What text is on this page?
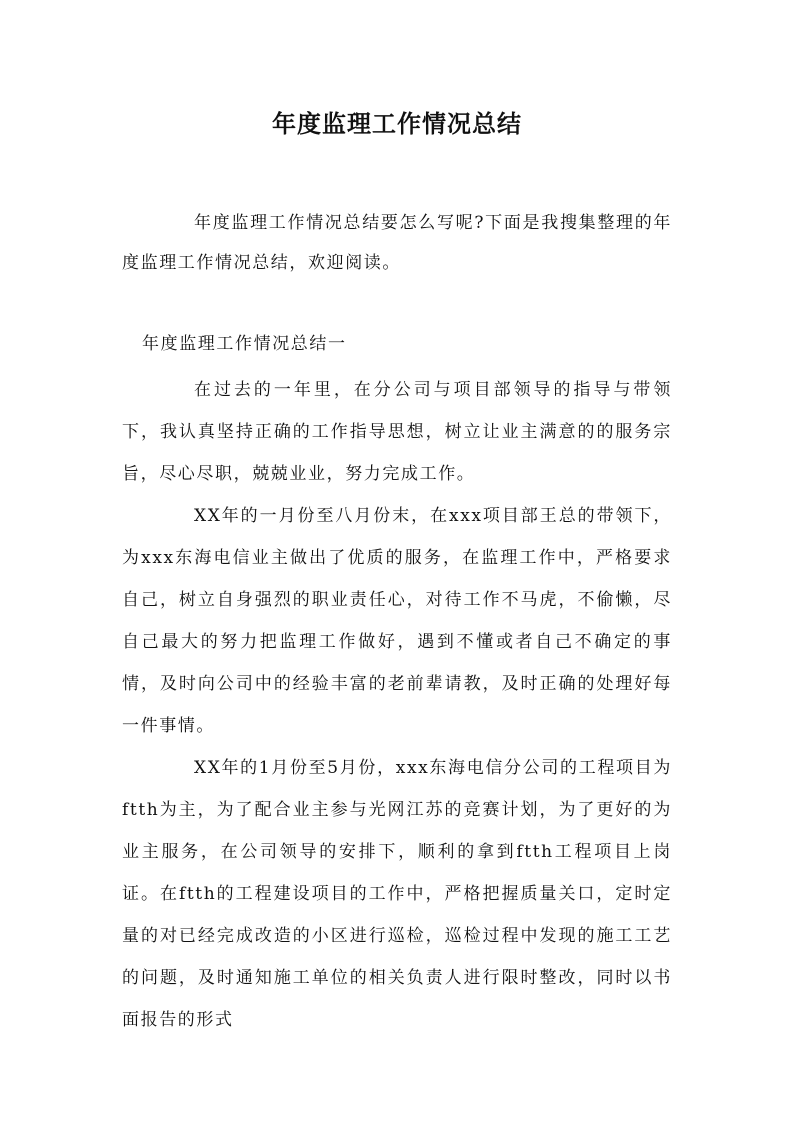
年度监理工作情况总结

年度监理工作情况总结要怎么写呢?下面是我搜集整理的年度监理工作情况总结，欢迎阅读。

年度监理工作情况总结一

在过去的一年里，在分公司与项目部领导的指导与带领下，我认真坚持正确的工作指导思想，树立让业主满意的的服务宗旨，尽心尽职，兢兢业业，努力完成工作。

XX年的一月份至八月份末，在xxx项目部王总的带领下，为xxx东海电信业主做出了优质的服务，在监理工作中，严格要求自己，树立自身强烈的职业责任心，对待工作不马虎，不偷懒，尽自己最大的努力把监理工作做好，遇到不懂或者自己不确定的事情，及时向公司中的经验丰富的老前辈请教，及时正确的处理好每一件事情。

XX年的1月份至5月份，xxx东海电信分公司的工程项目为ftth为主，为了配合业主参与光网江苏的竞赛计划，为了更好的为业主服务，在公司领导的安排下，顺利的拿到ftth工程项目上岗证。在ftth的工程建设项目的工作中，严格把握质量关口，定时定量的对已经完成改造的小区进行巡检，巡检过程中发现的施工工艺的问题，及时通知施工单位的相关负责人进行限时整改，同时以书面报告的形式
